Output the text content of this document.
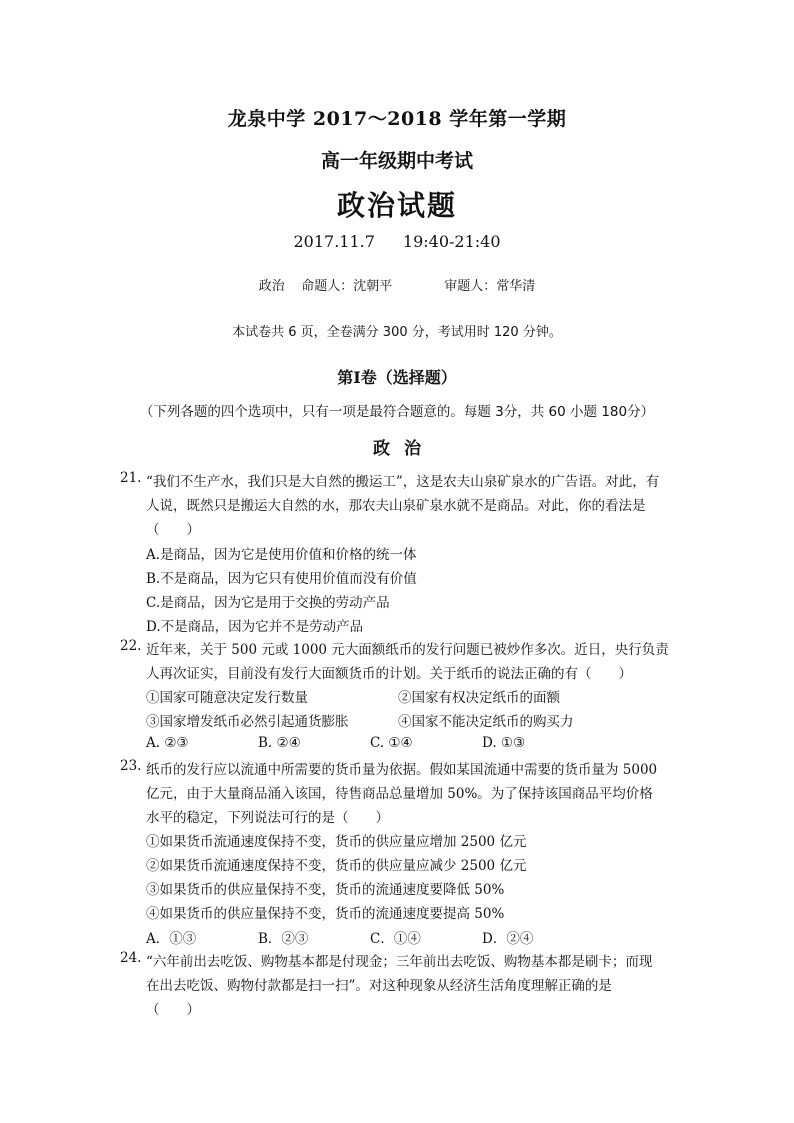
龙泉中学 2017～2018 学年第一学期
高一年级期中考试
政治试题
2017.11.7 19:40-21:40
政治 命题人：沈朝平	审题人：常华清
本试卷共 6 页，全卷满分 300 分，考试用时 120 分钟。
第Ⅰ卷（选择题）
（下列各题的四个选项中，只有一项是最符合题意的。每题 3分，共 60 小题 180分）
政治
21. “我们不生产水，我们只是大自然的搬运工”，这是农夫山泉矿泉水的广告语。对此，有
人说，既然只是搬运大自然的水，那农夫山泉矿泉水就不是商品。对此，你的看法是
（　　）
A.是商品，因为它是使用价值和价格的统一体
B.不是商品，因为它只有使用价值而没有价值
C.是商品，因为它是用于交换的劳动产品
D.不是商品，因为它并不是劳动产品
22. 近年来，关于 500 元或 1000 元大面额纸币的发行问题已被炒作多次。近日，央行负责
人再次证实，目前没有发行大面额货币的计划。关于纸币的说法正确的有（　　）
①国家可随意决定发行数量	②国家有权决定纸币的面额
③国家增发纸币必然引起通货膨胀	④国家不能决定纸币的购买力
A. ②③	B. ②④	C. ①④	D. ①③
23. 纸币的发行应以流通中所需要的货币量为依据。假如某国流通中需要的货币量为 5000
亿元，由于大量商品涌入该国，待售商品总量增加 50%。为了保持该国商品平均价格
水平的稳定，下列说法可行的是（　　）
①如果货币流通速度保持不变，货币的供应量应增加 2500 亿元
②如果货币流通速度保持不变，货币的供应量应减少 2500 亿元
③如果货币的供应量保持不变，货币的流通速度要降低 50%
④如果货币的供应量保持不变，货币的流通速度要提高 50%
A．①③	B．②③	C．①④	D．②④
24. “六年前出去吃饭、购物基本都是付现金；三年前出去吃饭、购物基本都是刷卡；而现
在出去吃饭、购物付款都是扫一扫”。对这种现象从经济生活角度理解正确的是
（　　）
